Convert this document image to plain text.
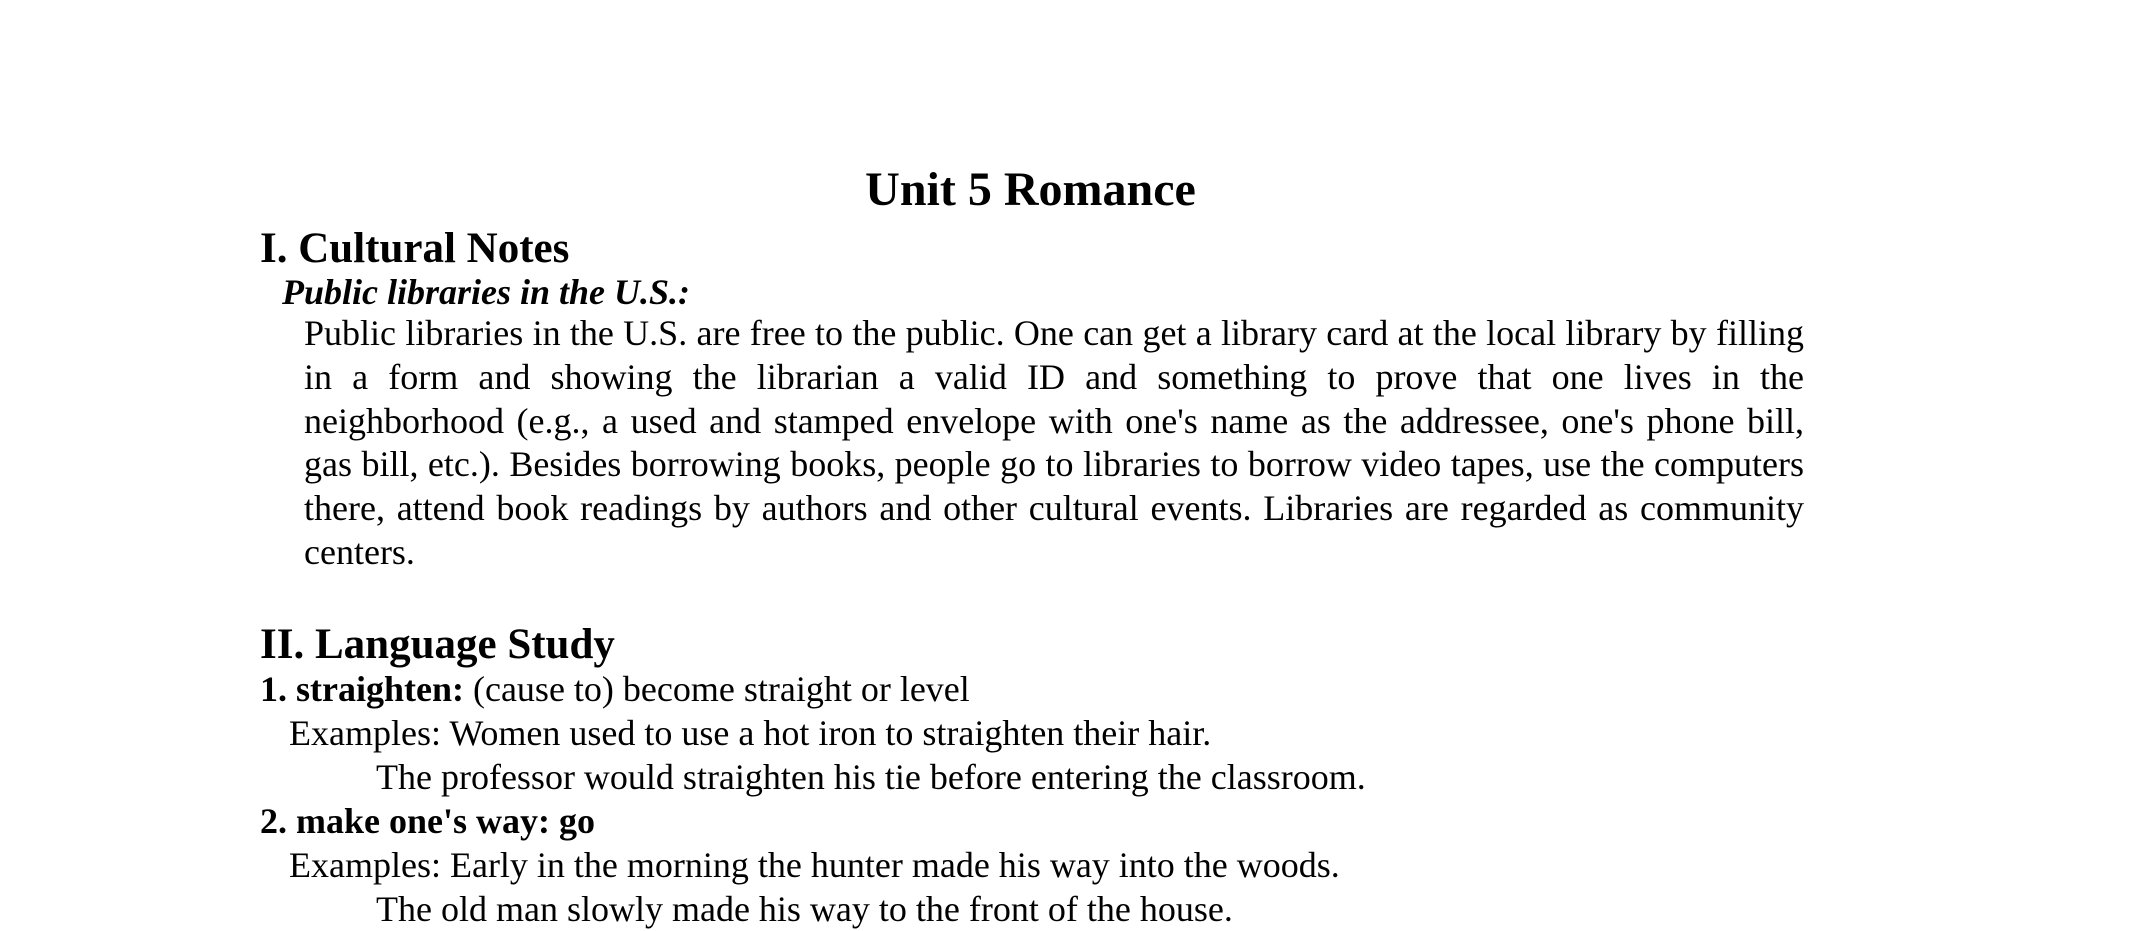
Unit 5 Romance
I. Cultural Notes
Public libraries in the U.S.:

Public libraries in the U.S. are free to the public. One can get a library card at the local library by filling in a form and showing the librarian a valid ID and something to prove that one lives in the neighborhood (e.g., a used and stamped envelope with one's name as the addressee, one's phone bill, gas bill, etc.). Besides borrowing books, people go to libraries to borrow video tapes, use the computers there, attend book readings by authors and other cultural events. Libraries are regarded as community centers.

II. Language Study
1. straighten: (cause to) become straight or level
Examples: Women used to use a hot iron to straighten their hair.
The professor would straighten his tie before entering the classroom.
2. make one's way: go
Examples: Early in the morning the hunter made his way into the woods.
The old man slowly made his way to the front of the house.
